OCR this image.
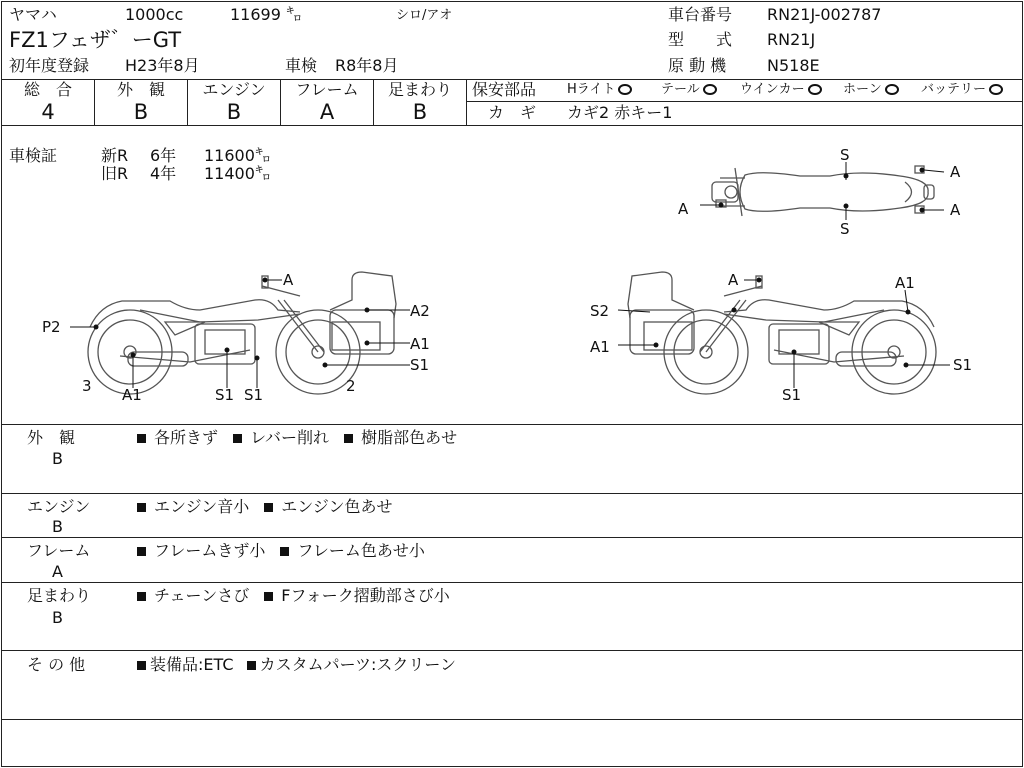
ヤマハ	1000cc	11699 ㌔	シロ/アオ
FZ1フェザ゛ーGT
初年度登録 H23年8月	車検 R8年8月
車台番号 RN21J-002787
型　　式 RN21J
原 動 機	N518E
総　合	外　観	エンジン	フレーム	足まわり
4	B	B	A	B
保安部品 Hライト	テール	ウインカー	ホーン	バッテリー
カ　ギ カギ2 赤キー1
車検証	新R 6年 11600㌔
旧R 4年 11400㌔
S
S
A
A
A
A
A2
A1
P2
3 A1	S1 S1	2
S1
A	A1
S2
A1
S1
S1
外　観
B
各所きず レバー削れ 樹脂部色あせ
エンジン
B
エンジン音小 エンジン色あせ
フレーム
A
フレームきず小 フレーム色あせ小
足まわり
B
チェーンさび Fフォーク摺動部さび小
そ の 他	装備品:ETC カスタムパーツ:スクリーン
